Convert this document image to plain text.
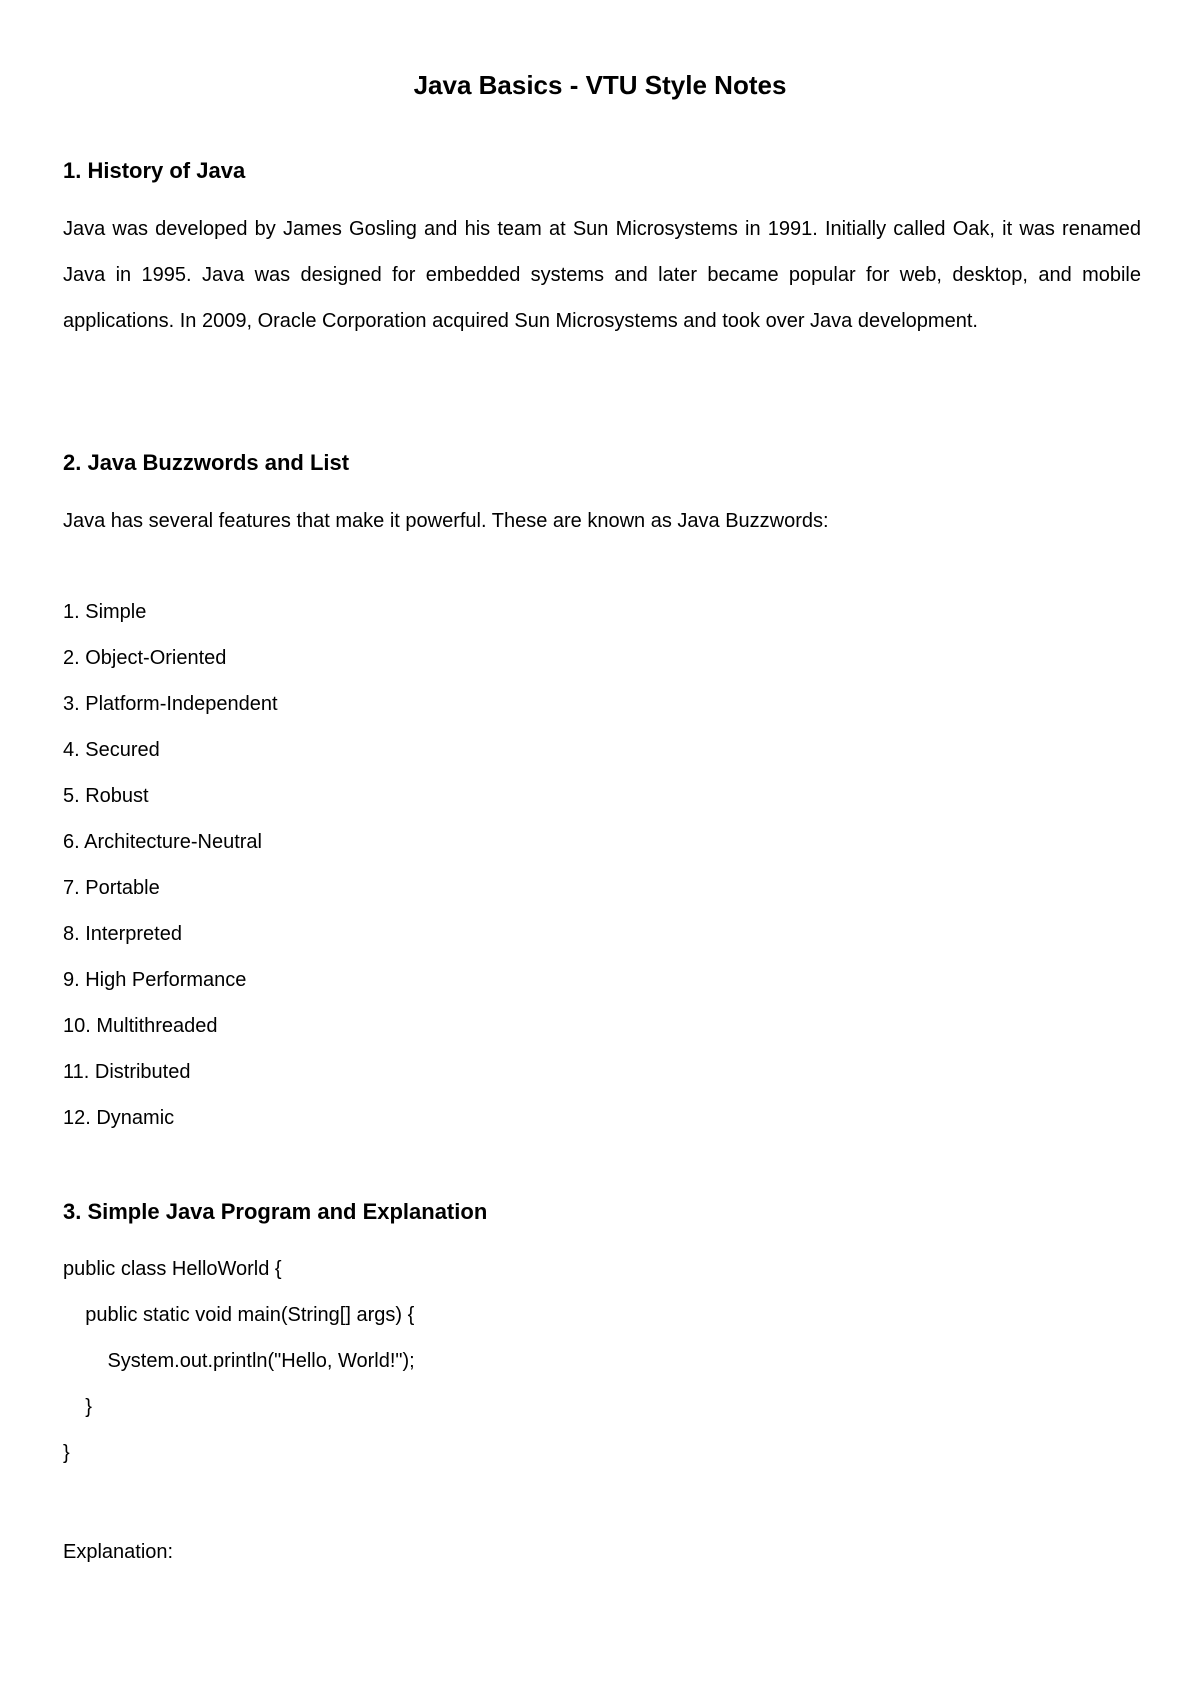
Java Basics - VTU Style Notes
1. History of Java

Java was developed by James Gosling and his team at Sun Microsystems in 1991. Initially called Oak, it was renamed Java in 1995. Java was designed for embedded systems and later became popular for web, desktop, and mobile applications. In 2009, Oracle Corporation acquired Sun Microsystems and took over Java development.

2. Java Buzzwords and List

Java has several features that make it powerful. These are known as Java Buzzwords:

1. Simple
2. Object-Oriented
3. Platform-Independent
4. Secured
5. Robust
6. Architecture-Neutral
7. Portable
8. Interpreted
9. High Performance
10. Multithreaded
11. Distributed
12. Dynamic
3. Simple Java Program and Explanation
public class HelloWorld {
public static void main(String[] args) {
System.out.println("Hello, World!");
}
}

Explanation:
